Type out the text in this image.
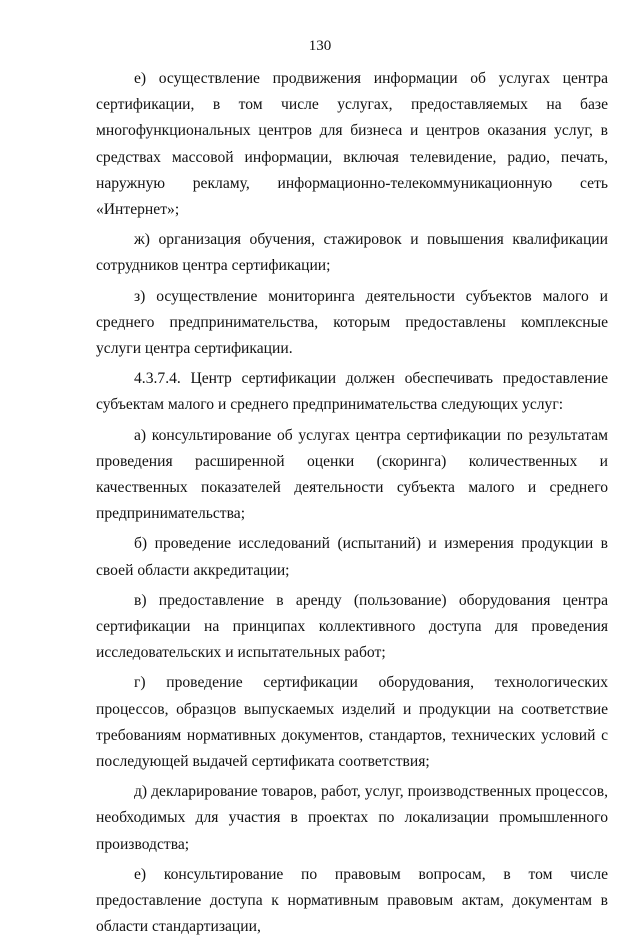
130

е) осуществление продвижения информации об услугах центра сертификации, в том числе услугах, предоставляемых на базе многофункциональных центров для бизнеса и центров оказания услуг, в средствах массовой информации, включая телевидение, радио, печать, наружную рекламу, информационно-телекоммуникационную сеть «Интернет»;

ж) организация обучения, стажировок и повышения квалификации сотрудников центра сертификации;

з) осуществление мониторинга деятельности субъектов малого и среднего предпринимательства, которым предоставлены комплексные услуги центра сертификации.

4.3.7.4. Центр сертификации должен обеспечивать предоставление субъектам малого и среднего предпринимательства следующих услуг:

а) консультирование об услугах центра сертификации по результатам проведения расширенной оценки (скоринга) количественных и качественных показателей деятельности субъекта малого и среднего предпринимательства;

б) проведение исследований (испытаний) и измерения продукции в своей области аккредитации;

в) предоставление в аренду (пользование) оборудования центра сертификации на принципах коллективного доступа для проведения исследовательских и испытательных работ;

г) проведение сертификации оборудования, технологических процессов, образцов выпускаемых изделий и продукции на соответствие требованиям нормативных документов, стандартов, технических условий с последующей выдачей сертификата соответствия;

д) декларирование товаров, работ, услуг, производственных процессов, необходимых для участия в проектах по локализации промышленного производства;

е) консультирование по правовым вопросам, в том числе предоставление доступа к нормативным правовым актам, документам в области стандартизации,
